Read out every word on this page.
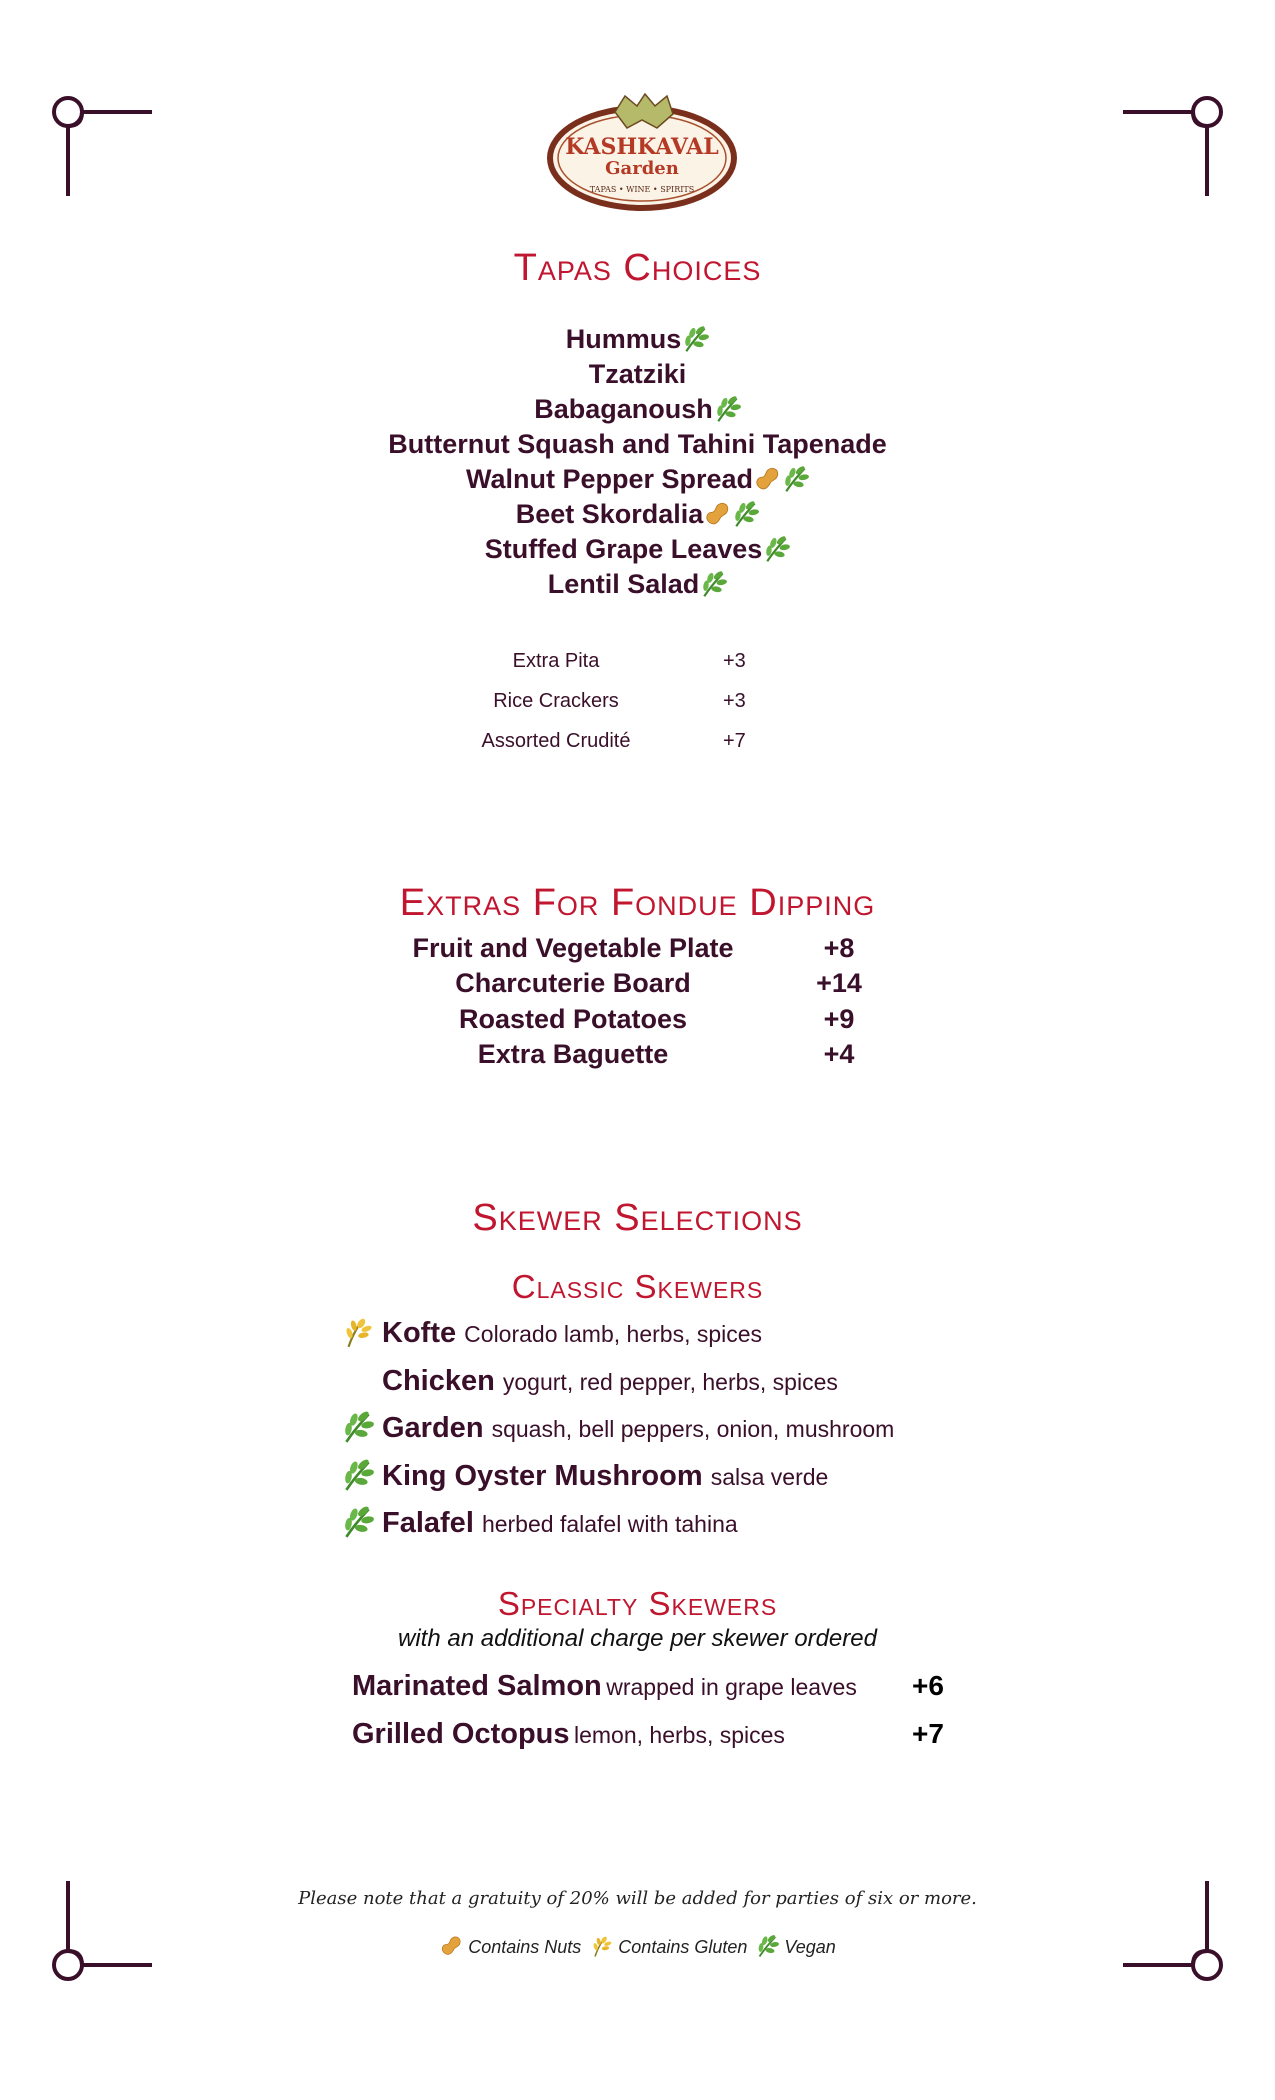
KASHKAVAL
Garden
TAPAS • WINE • SPIRITS
Tapas Choices
Hummus
Tzatziki
Babaganoush
Butternut Squash and Tahini Tapenade
Walnut Pepper Spread
Beet Skordalia
Stuffed Grape Leaves
Lentil Salad
Extra Pita	+3
Rice Crackers	+3
Assorted Crudité	+7
Extras For Fondue Dipping
Fruit and Vegetable Plate	+8
Charcuterie Board	+14
Roasted Potatoes	+9
Extra Baguette	+4
Skewer Selections
Classic Skewers
Kofte Colorado lamb, herbs, spices
Chicken yogurt, red pepper, herbs, spices
Garden squash, bell peppers, onion, mushroom
King Oyster Mushroom salsa verde
Falafel herbed falafel with tahina
Specialty Skewers
with an additional charge per skewer ordered
Marinated Salmon wrapped in grape leaves +6
Grilled Octopus lemon, herbs, spices	+7
Please note that a gratuity of 20% will be added for parties of six or more.
Contains Nuts Contains Gluten Vegan
